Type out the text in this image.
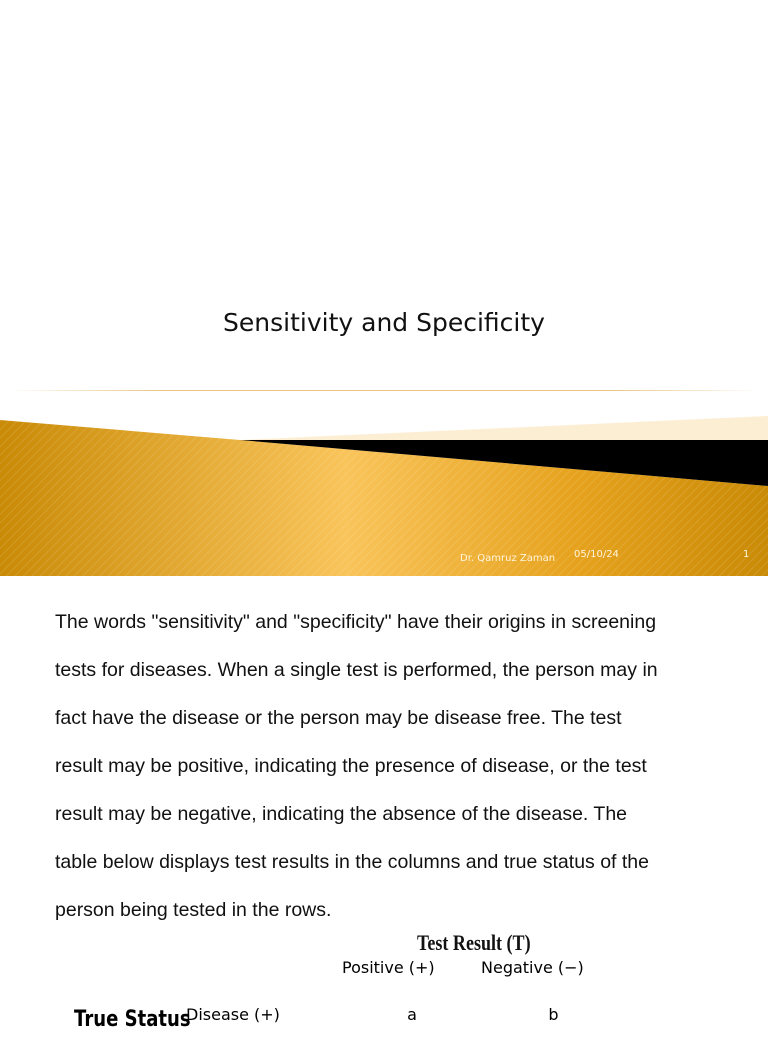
Sensitivity and Specificity
Dr. Qamruz Zaman 05/10/24	1

The words "sensitivity" and "specificity" have their origins in screening

tests for diseases. When a single test is performed, the person may in

fact have the disease or the person may be disease free. The test

result may be positive, indicating the presence of disease, or the test

result may be negative, indicating the absence of the disease. The

table below displays test results in the columns and true status of the

person being tested in the rows.

Test Result (T)
Positive (+)	Negative (−)
True Status
Disease (+)	a	b
